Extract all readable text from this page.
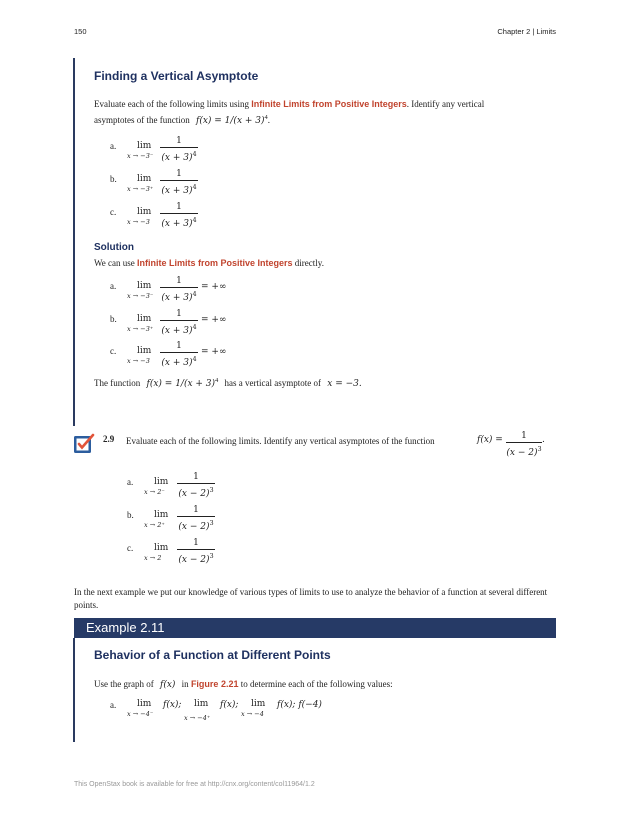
150	Chapter 2 | Limits
Finding a Vertical Asymptote
Evaluate each of the following limits using Infinite Limits from Positive Integers. Identify any vertical
asymptotes of the function $f(x) = 1/(x + 3)^4$.
a. lim
x → −3⁻
1
$(x + 3)^4$
b. lim
x → −3⁺
1
$(x + 3)^4$
c. lim
x → −3
1
$(x + 3)^4$
Solution
We can use Infinite Limits from Positive Integers directly.
a. lim
x → −3⁻
1
$(x + 3)^4$
= +∞
b. lim
x → −3⁺
1
$(x + 3)^4$
= +∞
c. lim
x → −3
1
$(x + 3)^4$
= +∞
The function $f(x) = 1/(x + 3)^4$ has a vertical asymptote of x = −3.
2.9 Evaluate each of the following limits. Identify any vertical asymptotes of the function	f(x) =	1
$(x - 2)^3$
.
a. lim
x → 2⁻
1
$(x - 2)^3$
b. lim
x → 2⁺
1
$(x - 2)^3$
c. lim
x → 2
1
$(x - 2)^3$
In the next example we put our knowledge of various types of limits to use to analyze the behavior of a function at several different points.
Example 2.11
Behavior of a Function at Different Points
Use the graph of f(x) in Figure 2.21 to determine each of the following values:
a. lim
x → −4⁻
f(x); lim
x → −4⁺
f(x); lim
x → −4
f(x); f(−4)
This OpenStax book is available for free at http://cnx.org/content/col11964/1.2
